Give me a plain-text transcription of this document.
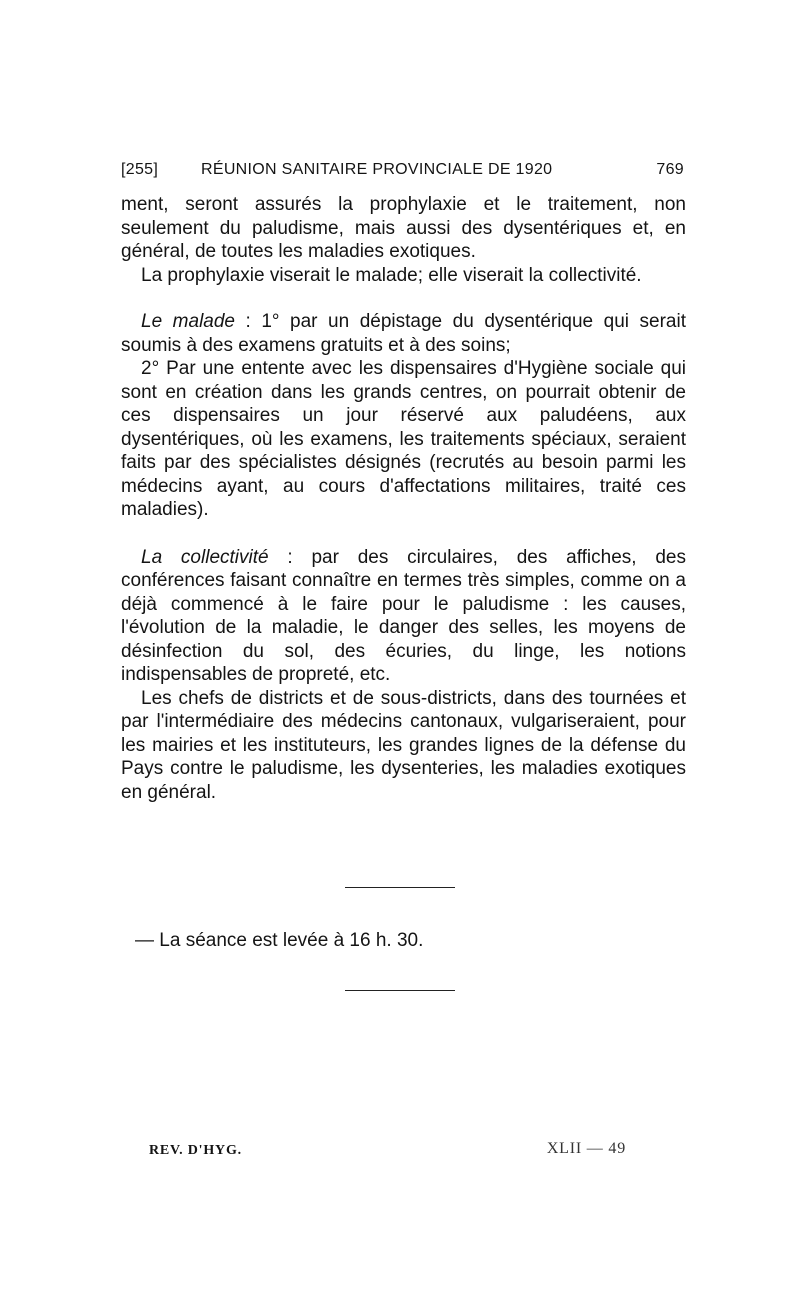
[255]	RÉUNION SANITAIRE PROVINCIALE DE 1920	769

ment, seront assurés la prophylaxie et le traitement, non seulement du paludisme, mais aussi des dysentériques et, en général, de toutes les maladies exotiques.

La prophylaxie viserait le malade; elle viserait la collectivité.

Le malade : 1° par un dépistage du dysentérique qui serait soumis à des examens gratuits et à des soins;

2° Par une entente avec les dispensaires d'Hygiène sociale qui sont en création dans les grands centres, on pourrait obtenir de ces dispensaires un jour réservé aux paludéens, aux dysentériques, où les examens, les traitements spéciaux, seraient faits par des spécialistes désignés (recrutés au besoin parmi les médecins ayant, au cours d'affectations militaires, traité ces maladies).

La collectivité : par des circulaires, des affiches, des conférences faisant connaître en termes très simples, comme on a déjà commencé à le faire pour le paludisme : les causes, l'évolution de la maladie, le danger des selles, les moyens de désinfection du sol, des écuries, du linge, les notions indispensables de propreté, etc.

Les chefs de districts et de sous-districts, dans des tournées et par l'intermédiaire des médecins cantonaux, vulgariseraient, pour les mairies et les instituteurs, les grandes lignes de la défense du Pays contre le paludisme, les dysenteries, les maladies exotiques en général.

— La séance est levée à 16 h. 30.
REV. D'HYG.	XLII — 49
